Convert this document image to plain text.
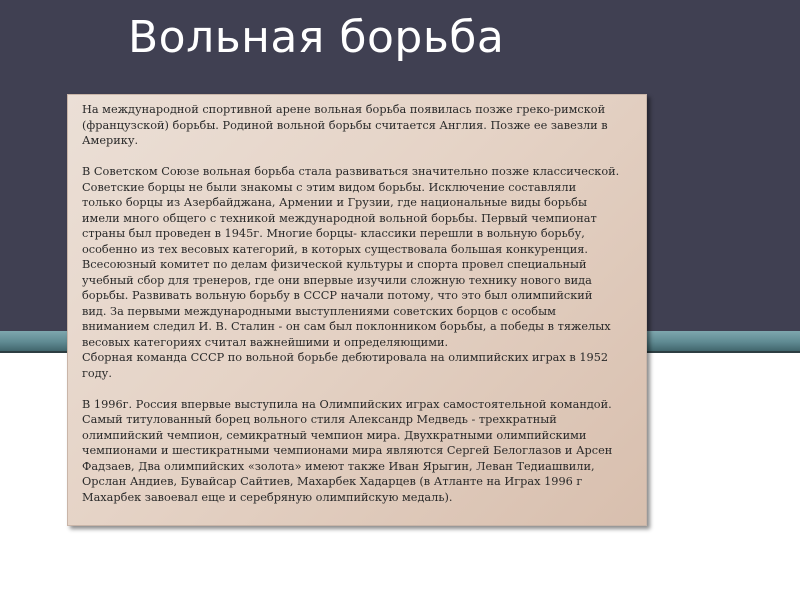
Вольная борьба

На международной спортивной арене вольная борьба появилась позже греко-римской
(французской) борьбы. Родиной вольной борьбы считается Англия. Позже ее завезли в
Америку.

В Советском Союзе вольная борьба стала развиваться значительно позже классической.
Советские борцы не были знакомы с этим видом борьбы. Исключение составляли
только борцы из Азербайджана, Армении и Грузии, где национальные виды борьбы
имели много общего с техникой международной вольной борьбы. Первый чемпионат
страны был проведен в 1945г. Многие борцы- классики перешли в вольную борьбу,
особенно из тех весовых категорий, в которых существовала большая конкуренция.
Всесоюзный комитет по делам физической культуры и спорта провел специальный
учебный сбор для тренеров, где они впервые изучили сложную технику нового вида
борьбы. Развивать вольную борьбу в СССР начали потому, что это был олимпийский
вид. За первыми международными выступлениями советских борцов с особым
вниманием следил И. В. Сталин - он сам был поклонником борьбы, а победы в тяжелых
весовых категориях считал важнейшими и определяющими.

Сборная команда СССР по вольной борьбе дебютировала на олимпийских играх в 1952
году.

В 1996г. Россия впервые выступила на Олимпийских играх самостоятельной командой.

Самый титулованный борец вольного стиля Александр Медведь - трехкратный
олимпийский чемпион, семикратный чемпион мира. Двухкратными олимпийскими
чемпионами и шестикратными чемпионами мира являются Сергей Белоглазов и Арсен
Фадзаев, Два олимпийских «золота» имеют также Иван Ярыгин, Леван Тедиашвили,
Орслан Андиев, Бувайсар Сайтиев, Махарбек Хадарцев (в Атланте на Играх 1996 г
Махарбек завоевал еще и серебряную олимпийскую медаль).
